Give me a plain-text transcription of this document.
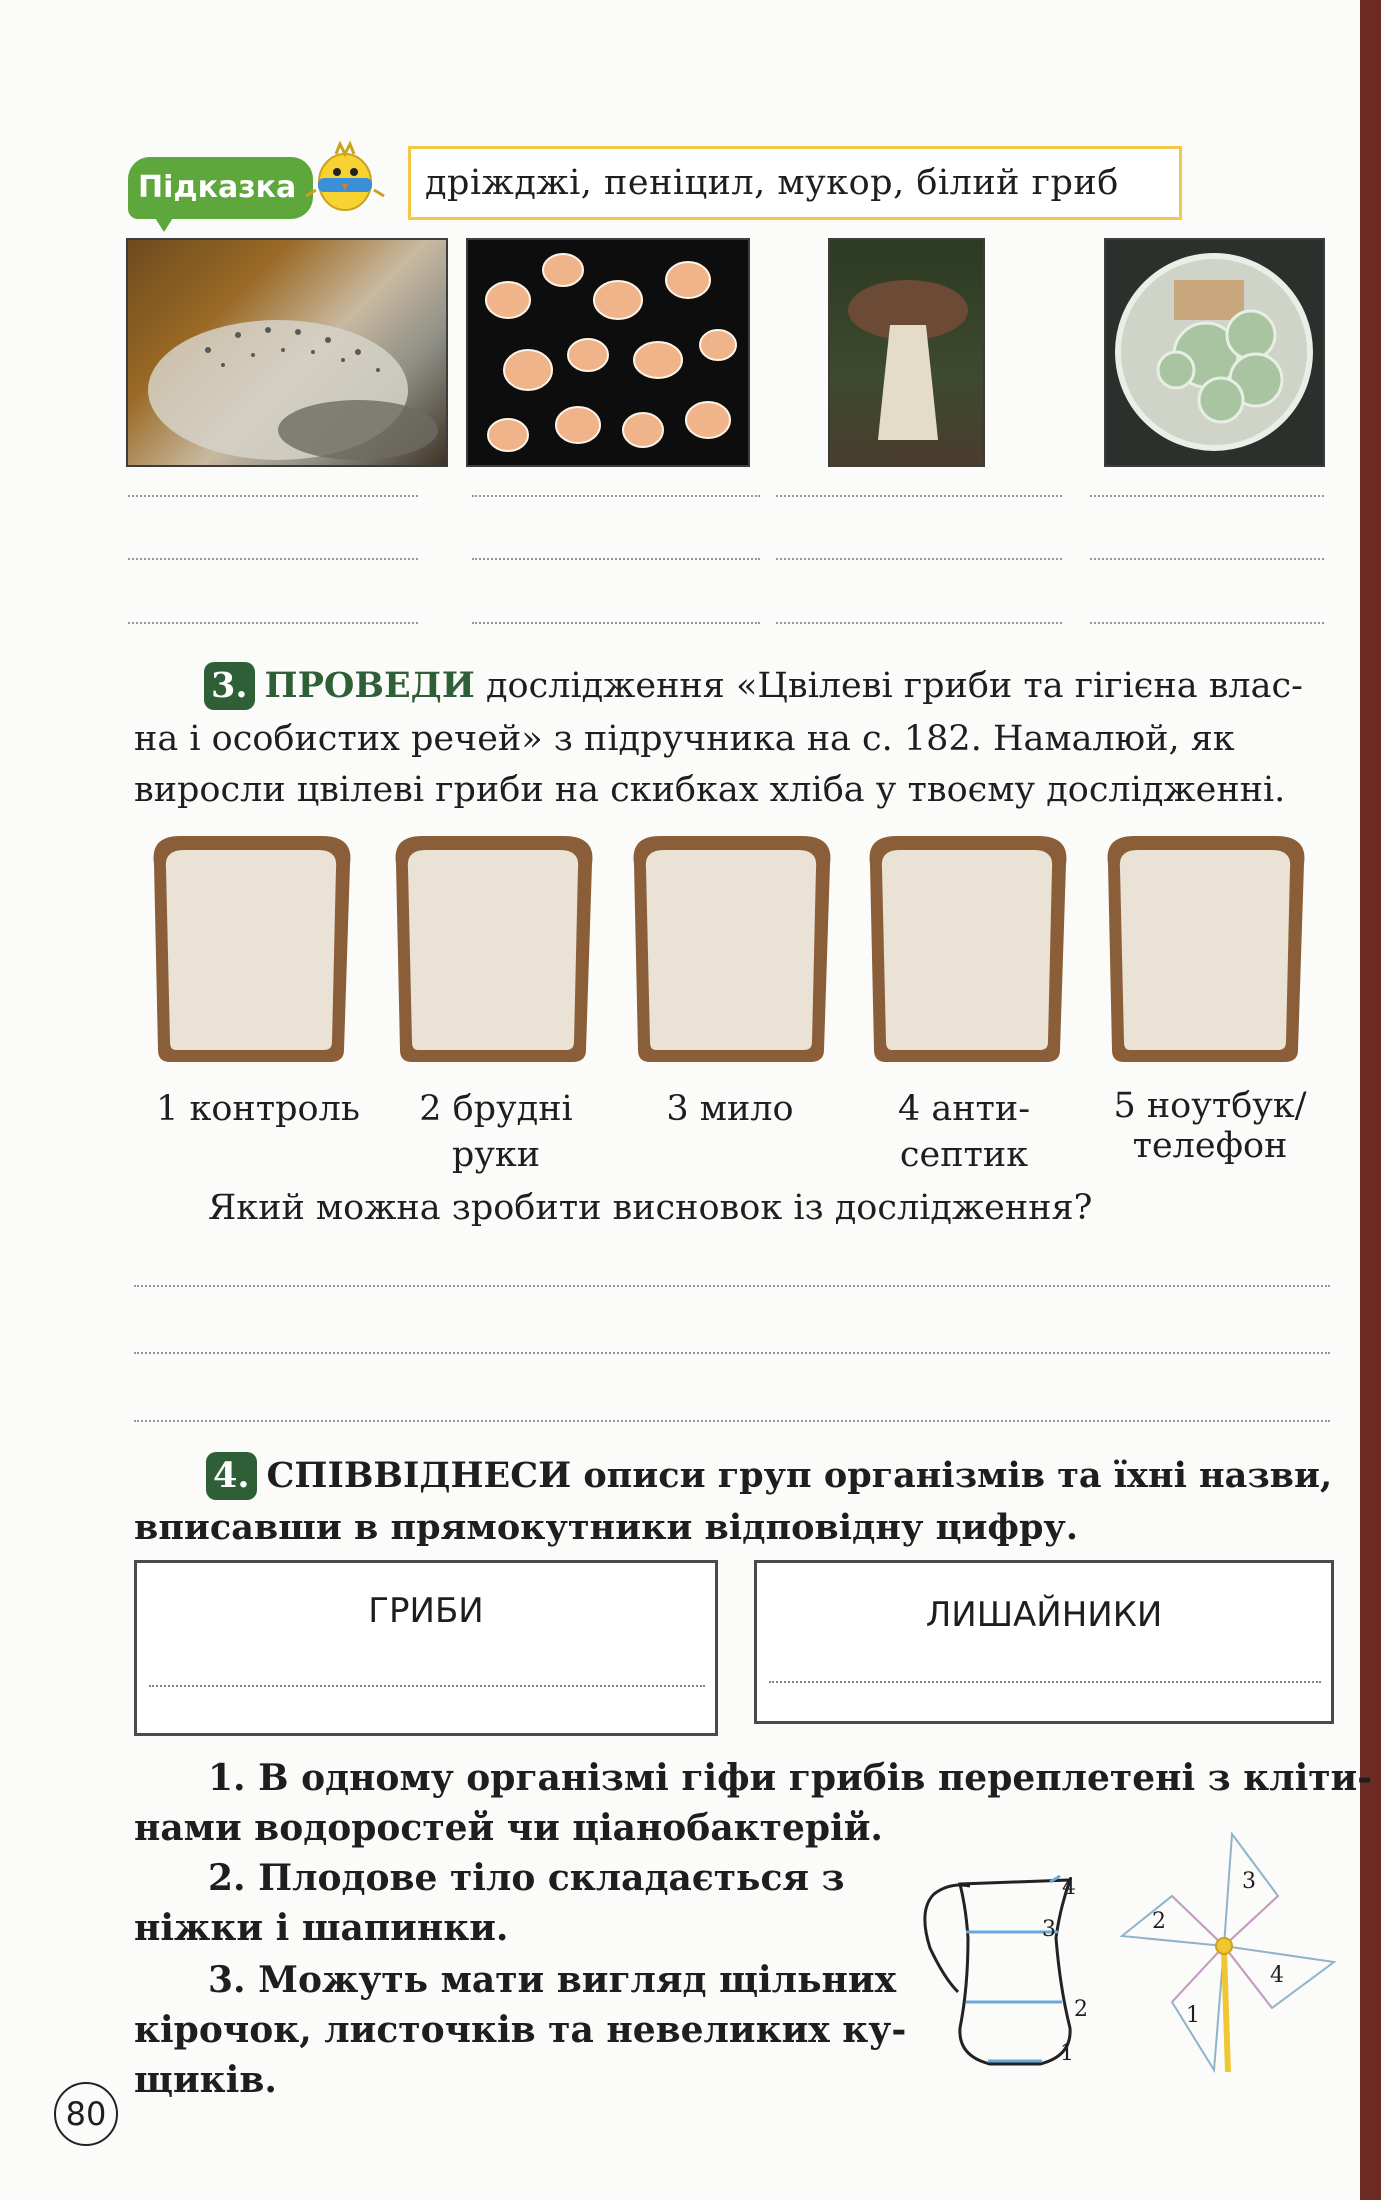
Підказка	дріжджі, пеніцил, мукор, білий гриб
3. ПРОВЕДИ дослідження «Цвілеві гриби та гігієна влас-
на і особистих речей» з підручника на с. 182. Намалюй, як
виросли цвілеві гриби на скибках хліба у твоєму дослідженні.
1 контроль	2 брудні
руки
3 мило	4 анти-
септик
5 ноутбук/
телефон
Який можна зробити висновок із дослідження?
4. СПІВВІДНЕСИ описи груп організмів та їхні назви,
вписавши в прямокутники відповідну цифру.
ГРИБИ	ЛИШАЙНИКИ
1. В одному організмі гіфи грибів переплетені з кліти-
нами водоростей чи ціанобактерій.
2. Плодове тіло складається з
ніжки і шапинки.
3. Можуть мати вигляд щільних
кірочок, листочків та невеликих ку-
щиків.
4
3
2
1
2
3
4
1
80
